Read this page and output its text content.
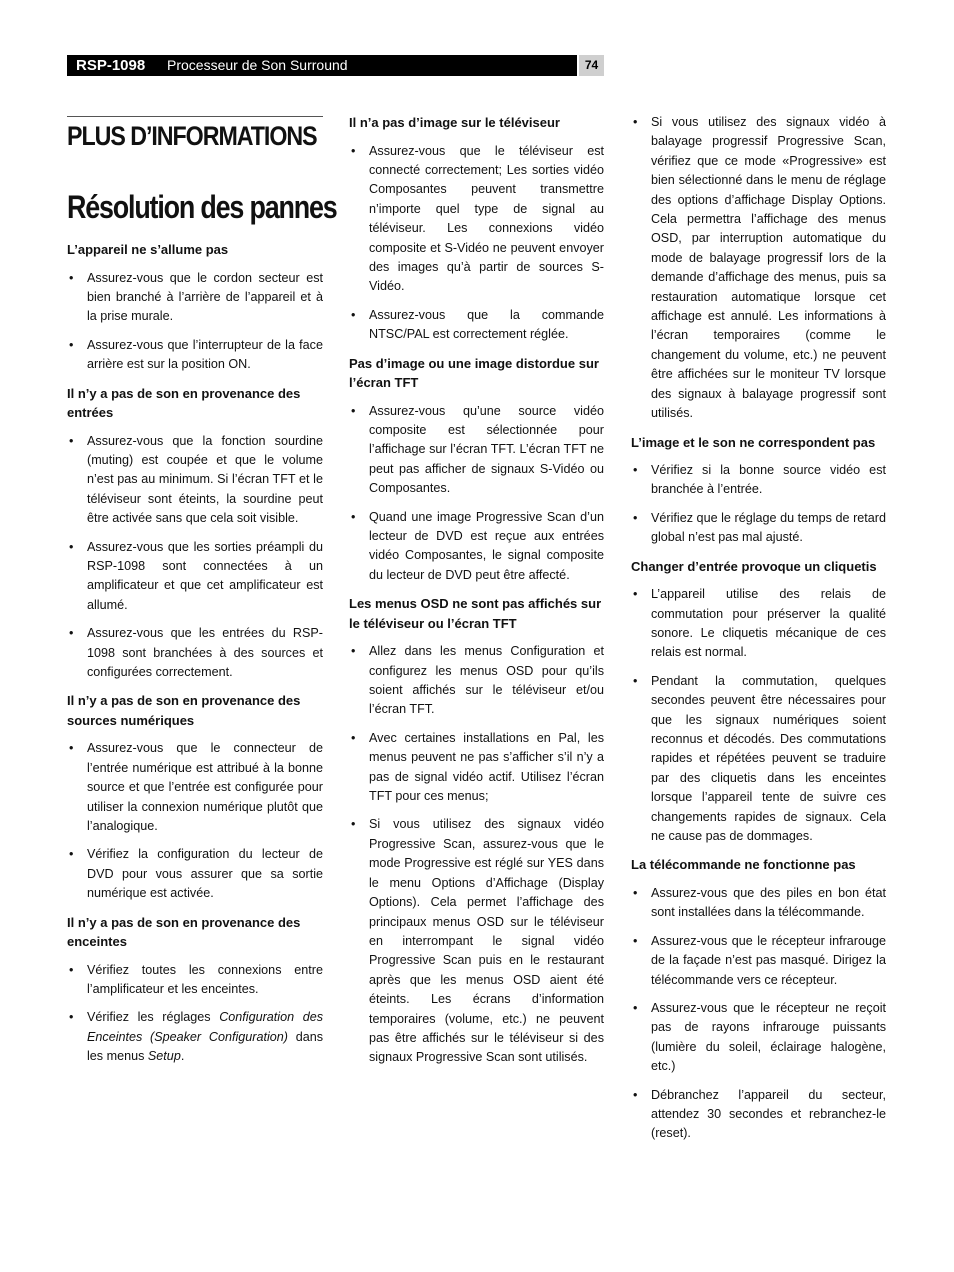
RSP-1098 Processeur de Son Surround	74
PLUS D’INFORMATIONS
Résolution des pannes
L’appareil ne s’allume pas
• Assurez-vous que le cordon secteur est bien branché à l’arrière de l’appareil et à la prise murale.
• Assurez-vous que l’interrupteur de la face arrière est sur la position ON.
Il n’y a pas de son en provenance des entrées
• Assurez-vous que la fonction sourdine (muting) est coupée et que le volume n’est pas au minimum. Si l’écran TFT et le téléviseur sont éteints, la sourdine peut être activée sans que cela soit visible.
• Assurez-vous que les sorties préampli du RSP-1098 sont connectées à un amplificateur et que cet amplificateur est allumé.
• Assurez-vous que les entrées du RSP-1098 sont branchées à des sources et configurées correctement.
Il n’y a pas de son en provenance des sources numériques
• Assurez-vous que le connecteur de l’entrée numérique est attribué à la bonne source et que l’entrée est configurée pour utiliser la connexion numérique plutôt que l’analogique.
• Vérifiez la configuration du lecteur de DVD pour vous assurer que sa sortie numérique est activée.
Il n’y a pas de son en provenance des enceintes
• Vérifiez toutes les connexions entre l’amplificateur et les enceintes.
• Vérifiez les réglages Configuration des Enceintes (Speaker Configuration) dans les menus Setup.
Il n’a pas d’image sur le téléviseur
• Assurez-vous que le téléviseur est connecté correctement; Les sorties vidéo Composantes peuvent transmettre n’importe quel type de signal au téléviseur. Les connexions vidéo composite et S-Vidéo ne peuvent envoyer des images qu’à partir de sources S-Vidéo.
• Assurez-vous que la commande NTSC/PAL est correctement réglée.
Pas d’image ou une image distordue sur l’écran TFT
• Assurez-vous qu’une source vidéo composite est sélectionnée pour l’affichage sur l’écran TFT. L’écran TFT ne peut pas afficher de signaux S-Vidéo ou Composantes.
• Quand une image Progressive Scan d’un lecteur de DVD est reçue aux entrées vidéo Composantes, le signal composite du lecteur de DVD peut être affecté.
Les menus OSD ne sont pas affichés sur le téléviseur ou l’écran TFT
• Allez dans les menus Configuration et configurez les menus OSD pour qu’ils soient affichés sur le téléviseur et/ou l’écran TFT.
• Avec certaines installations en Pal, les menus peuvent ne pas s’afficher s’il n’y a pas de signal vidéo actif. Utilisez l’écran TFT pour ces menus;
• Si vous utilisez des signaux vidéo Progressive Scan, assurez-vous que le mode Progressive est réglé sur YES dans le menu Options d’Affichage (Display Options). Cela permet l’affichage des principaux menus OSD sur le téléviseur en interrompant le signal vidéo Progressive Scan puis en le restaurant après que les menus OSD aient été éteints. Les écrans d’information temporaires (volume, etc.) ne peuvent pas être affichés sur le téléviseur si des signaux Progressive Scan sont utilisés.
• Si vous utilisez des signaux vidéo à balayage progressif Progressive Scan, vérifiez que ce mode «Progressive» est bien sélectionné dans le menu de réglage des options d’affichage Display Options. Cela permettra l’affichage des menus OSD, par interruption automatique du mode de balayage progressif lors de la demande d’affichage des menus, puis sa restauration automatique lorsque cet affichage est annulé. Les informations à l’écran temporaires (comme le changement du volume, etc.) ne peuvent être affichées sur le moniteur TV lorsque des signaux à balayage progressif sont utilisés.
L’image et le son ne correspondent pas
• Vérifiez si la bonne source vidéo est branchée à l’entrée.
• Vérifiez que le réglage du temps de retard global n’est pas mal ajusté.
Changer d’entrée provoque un cliquetis
• L’appareil utilise des relais de commutation pour préserver la qualité sonore. Le cliquetis mécanique de ces relais est normal.
• Pendant la commutation, quelques secondes peuvent être nécessaires pour que les signaux numériques soient reconnus et décodés. Des commutations rapides et répétées peuvent se traduire par des cliquetis dans les enceintes lorsque l’appareil tente de suivre ces changements rapides de signaux. Cela ne cause pas de dommages.
La télécommande ne fonctionne pas
• Assurez-vous que des piles en bon état sont installées dans la télécommande.
• Assurez-vous que le récepteur infrarouge de la façade n’est pas masqué. Dirigez la télécommande vers ce récepteur.
• Assurez-vous que le récepteur ne reçoit pas de rayons infrarouge puissants (lumière du soleil, éclairage halogène, etc.)
• Débranchez l’appareil du secteur, attendez 30 secondes et rebranchez-le (reset).
